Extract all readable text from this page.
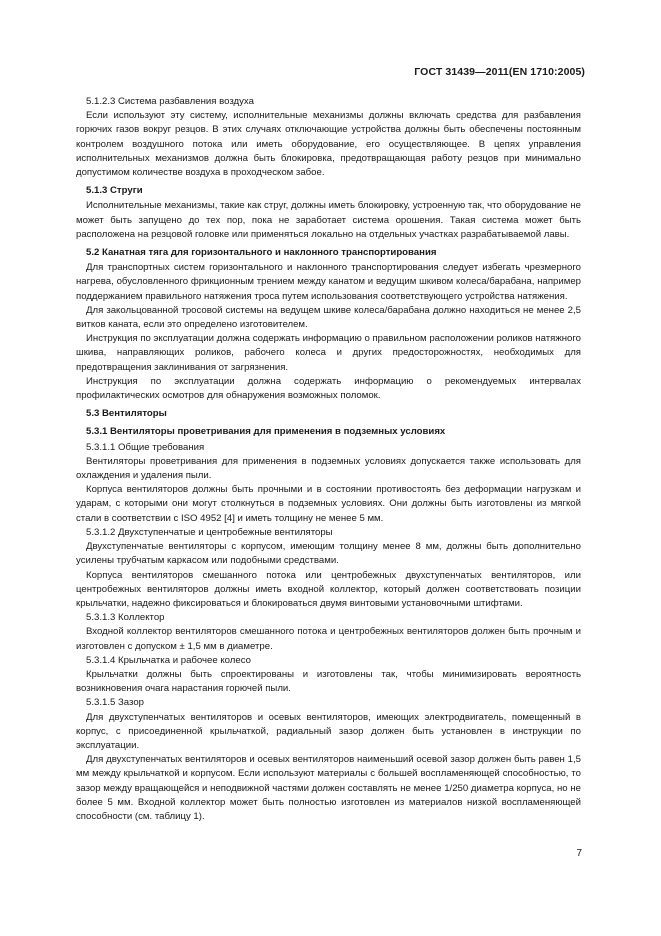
ГОСТ 31439—2011(EN 1710:2005)

5.1.2.3 Система разбавления воздуха

Если используют эту систему, исполнительные механизмы должны включать средства для разбавления горючих газов вокруг резцов. В этих случаях отключающие устройства должны быть обеспечены постоянным контролем воздушного потока или иметь оборудование, его осуществляющее. В цепях управления исполнительных механизмов должна быть блокировка, предотвращающая работу резцов при минимально допустимом количестве воздуха в проходческом забое.

5.1.3 Струги

Исполнительные механизмы, такие как струг, должны иметь блокировку, устроенную так, что оборудование не может быть запущено до тех пор, пока не заработает система орошения. Такая система может быть расположена на резцовой головке или применяться локально на отдельных участках разрабатываемой лавы.

5.2 Канатная тяга для горизонтального и наклонного транспортирования

Для транспортных систем горизонтального и наклонного транспортирования следует избегать чрезмерного нагрева, обусловленного фрикционным трением между канатом и ведущим шкивом колеса/барабана, например поддержанием правильного натяжения троса путем использования соответствующего устройства натяжения.

Для закольцованной тросовой системы на ведущем шкиве колеса/барабана должно находиться не менее 2,5 витков каната, если это определено изготовителем.

Инструкция по эксплуатации должна содержать информацию о правильном расположении роликов натяжного шкива, направляющих роликов, рабочего колеса и других предосторожностях, необходимых для предотвращения заклинивания от загрязнения.

Инструкция по эксплуатации должна содержать информацию о рекомендуемых интервалах профилактических осмотров для обнаружения возможных поломок.

5.3 Вентиляторы

5.3.1 Вентиляторы проветривания для применения в подземных условиях

5.3.1.1 Общие требования

Вентиляторы проветривания для применения в подземных условиях допускается также использовать для охлаждения и удаления пыли.

Корпуса вентиляторов должны быть прочными и в состоянии противостоять без деформации нагрузкам и ударам, с которыми они могут столкнуться в подземных условиях. Они должны быть изготовлены из мягкой стали в соответствии с ISO 4952 [4] и иметь толщину не менее 5 мм.

5.3.1.2 Двухступенчатые и центробежные вентиляторы

Двухступенчатые вентиляторы с корпусом, имеющим толщину менее 8 мм, должны быть дополнительно усилены трубчатым каркасом или подобными средствами.

Корпуса вентиляторов смешанного потока или центробежных двухступенчатых вентиляторов, или центробежных вентиляторов должны иметь входной коллектор, который должен соответствовать позиции крыльчатки, надежно фиксироваться и блокироваться двумя винтовыми установочными штифтами.

5.3.1.3 Коллектор

Входной коллектор вентиляторов смешанного потока и центробежных вентиляторов должен быть прочным и изготовлен с допуском ± 1,5 мм в диаметре.

5.3.1.4 Крыльчатка и рабочее колесо

Крыльчатки должны быть спроектированы и изготовлены так, чтобы минимизировать вероятность возникновения очага нарастания горючей пыли.

5.3.1.5 Зазор

Для двухступенчатых вентиляторов и осевых вентиляторов, имеющих электродвигатель, помещенный в корпус, с присоединенной крыльчаткой, радиальный зазор должен быть установлен в инструкции по эксплуатации.

Для двухступенчатых вентиляторов и осевых вентиляторов наименьший осевой зазор должен быть равен 1,5 мм между крыльчаткой и корпусом. Если используют материалы с большей воспламеняющей способностью, то зазор между вращающейся и неподвижной частями должен составлять не менее 1/250 диаметра корпуса, но не более 5 мм. Входной коллектор может быть полностью изготовлен из материалов низкой воспламеняющей способности (см. таблицу 1).

7
